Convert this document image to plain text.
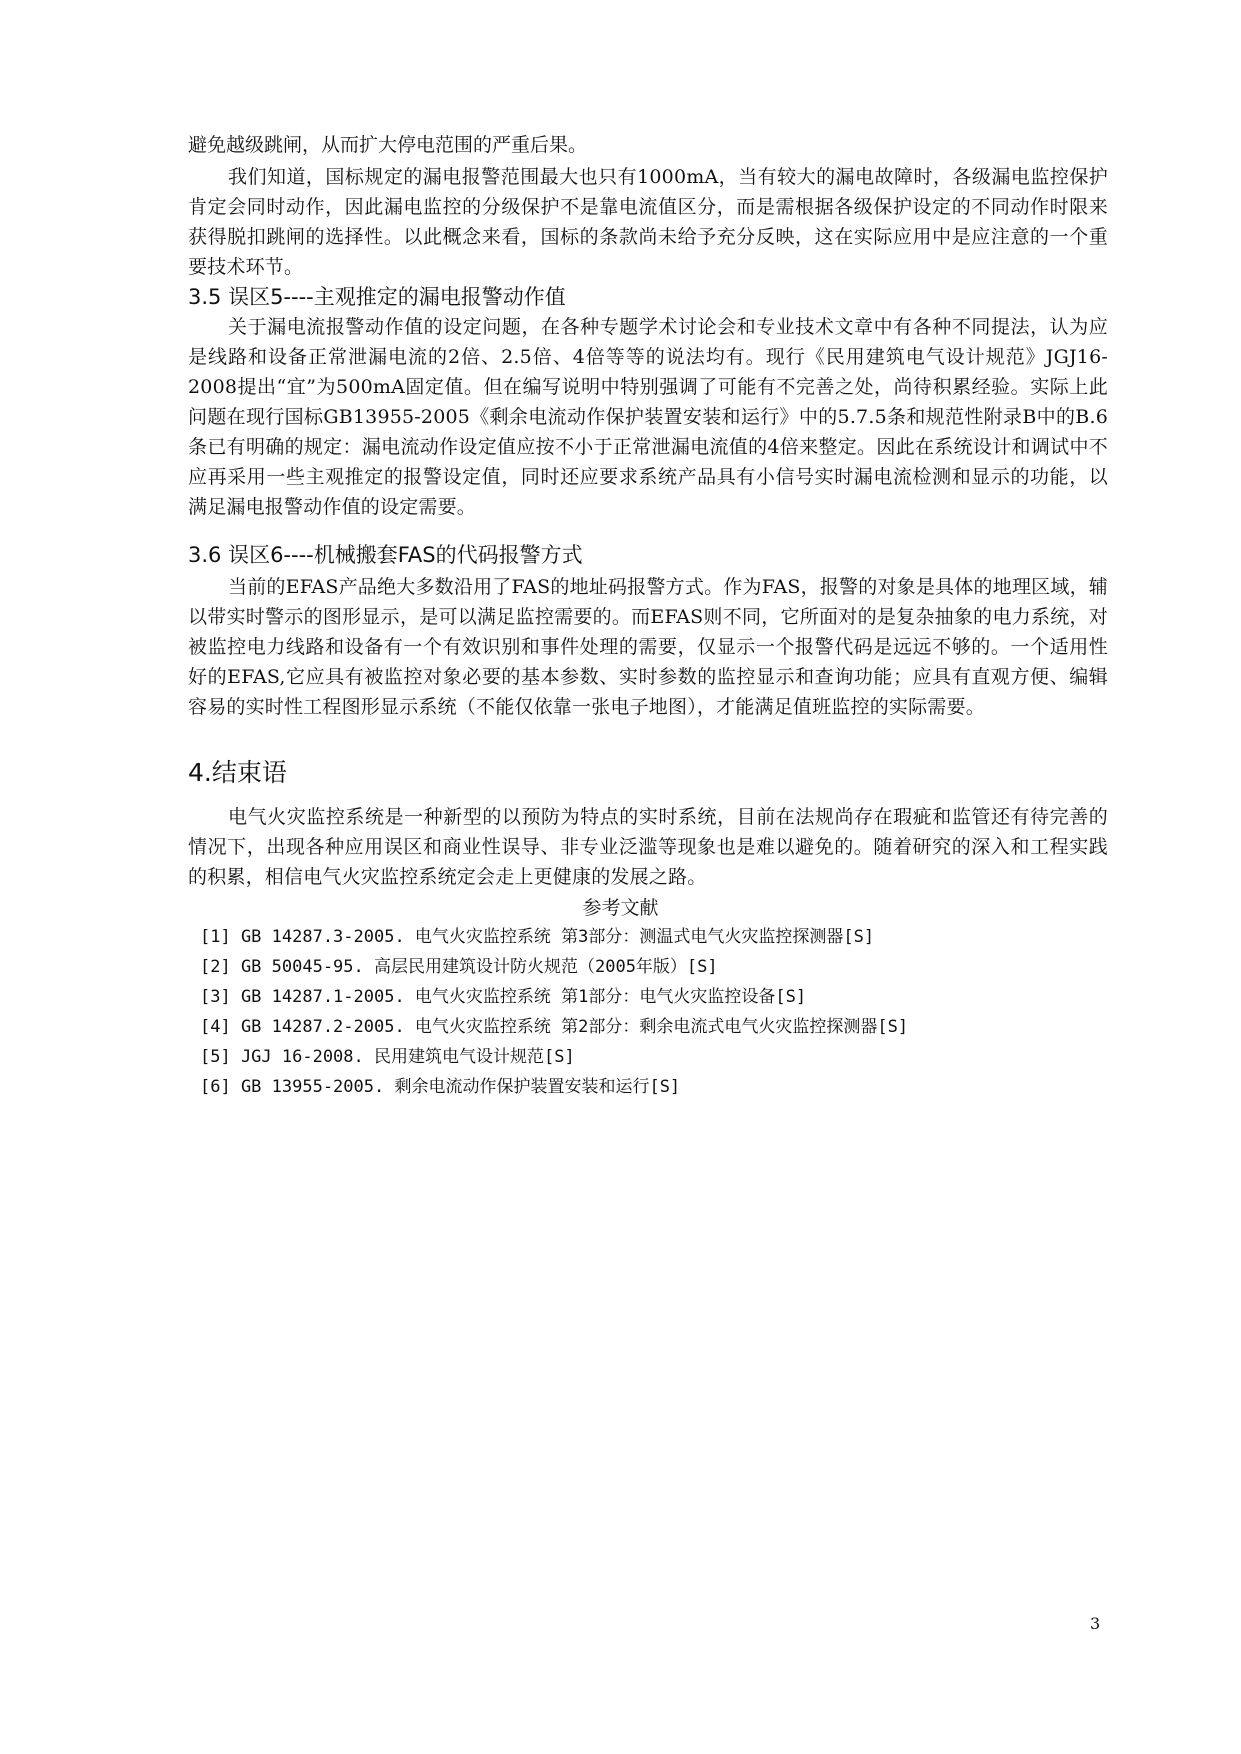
避免越级跳闸，从而扩大停电范围的严重后果。
我们知道，国标规定的漏电报警范围最大也只有1000mA，当有较大的漏电故障时，各级漏电监控保护肯定会同时动作，因此漏电监控的分级保护不是靠电流值区分，而是需根据各级保护设定的不同动作时限来获得脱扣跳闸的选择性。以此概念来看，国标的条款尚未给予充分反映，这在实际应用中是应注意的一个重要技术环节。
3.5 误区5----主观推定的漏电报警动作值
关于漏电流报警动作值的设定问题，在各种专题学术讨论会和专业技术文章中有各种不同提法，认为应是线路和设备正常泄漏电流的2倍、2.5倍、4倍等等的说法均有。现行《民用建筑电气设计规范》JGJ16-2008提出“宜”为500mA固定值。但在编写说明中特别强调了可能有不完善之处，尚待积累经验。实际上此问题在现行国标GB13955-2005《剩余电流动作保护装置安装和运行》中的5.7.5条和规范性附录B中的B.6条已有明确的规定：漏电流动作设定值应按不小于正常泄漏电流值的4倍来整定。因此在系统设计和调试中不应再采用一些主观推定的报警设定值，同时还应要求系统产品具有小信号实时漏电流检测和显示的功能，以满足漏电报警动作值的设定需要。
3.6 误区6----机械搬套FAS的代码报警方式
当前的EFAS产品绝大多数沿用了FAS的地址码报警方式。作为FAS，报警的对象是具体的地理区域，辅以带实时警示的图形显示，是可以满足监控需要的。而EFAS则不同，它所面对的是复杂抽象的电力系统，对被监控电力线路和设备有一个有效识别和事件处理的需要，仅显示一个报警代码是远远不够的。一个适用性好的EFAS,它应具有被监控对象必要的基本参数、实时参数的监控显示和查询功能；应具有直观方便、编辑容易的实时性工程图形显示系统（不能仅依靠一张电子地图），才能满足值班监控的实际需要。
4.结束语
电气火灾监控系统是一种新型的以预防为特点的实时系统，目前在法规尚存在瑕疵和监管还有待完善的情况下，出现各种应用误区和商业性误导、非专业泛滥等现象也是难以避免的。随着研究的深入和工程实践的积累，相信电气火灾监控系统定会走上更健康的发展之路。
参考文献
[1] GB 14287.3-2005. 电气火灾监控系统 第3部分：测温式电气火灾监控探测器[S]
[2] GB 50045-95. 高层民用建筑设计防火规范（2005年版）[S]
[3] GB 14287.1-2005. 电气火灾监控系统 第1部分：电气火灾监控设备[S]
[4] GB 14287.2-2005. 电气火灾监控系统 第2部分：剩余电流式电气火灾监控探测器[S]
[5] JGJ 16-2008. 民用建筑电气设计规范[S]
[6] GB 13955-2005. 剩余电流动作保护装置安装和运行[S]
3
